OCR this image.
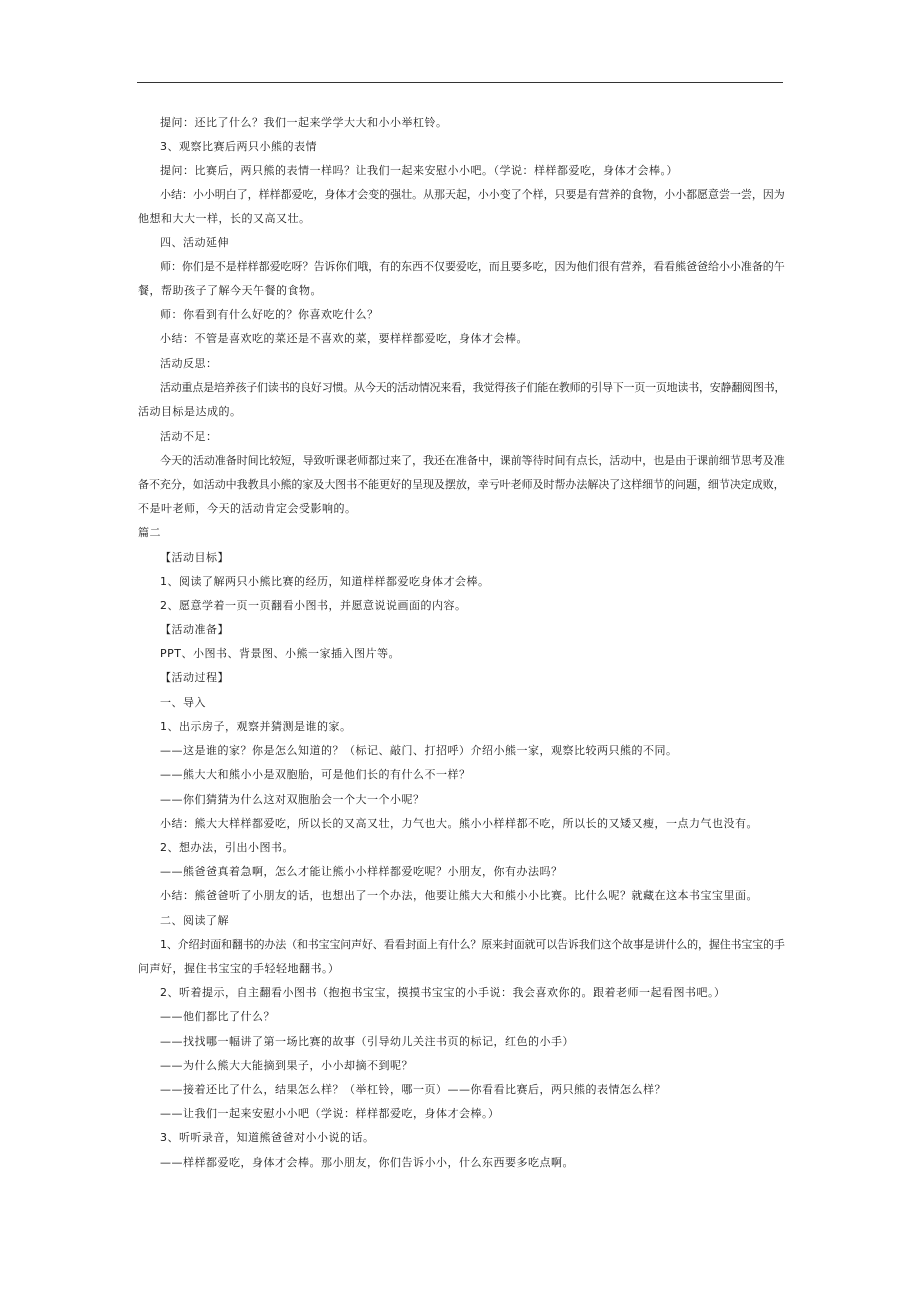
提问：还比了什么？我们一起来学学大大和小小举杠铃。
3、观察比赛后两只小熊的表情
提问：比赛后，两只熊的表情一样吗？让我们一起来安慰小小吧。（学说：样样都爱吃，身体才会棒。）
小结：小小明白了，样样都爱吃，身体才会变的强壮。从那天起，小小变了个样，只要是有营养的食物，小小都愿意尝一尝，因为
他想和大大一样，长的又高又壮。
四、活动延伸
师：你们是不是样样都爱吃呀？告诉你们哦，有的东西不仅要爱吃，而且要多吃，因为他们很有营养，看看熊爸爸给小小准备的午
餐，帮助孩子了解今天午餐的食物。
师：你看到有什么好吃的？你喜欢吃什么？
小结：不管是喜欢吃的菜还是不喜欢的菜，要样样都爱吃，身体才会棒。
活动反思：
活动重点是培养孩子们读书的良好习惯。从今天的活动情况来看，我觉得孩子们能在教师的引导下一页一页地读书，安静翻阅图书，
活动目标是达成的。
活动不足：
今天的活动准备时间比较短，导致听课老师都过来了，我还在准备中，课前等待时间有点长，活动中，也是由于课前细节思考及准
备不充分，如活动中我教具小熊的家及大图书不能更好的呈现及摆放，幸亏叶老师及时帮办法解决了这样细节的问题，细节决定成败，
不是叶老师，今天的活动肯定会受影响的。
篇二
【活动目标】
1、阅读了解两只小熊比赛的经历，知道样样都爱吃身体才会棒。
2、愿意学着一页一页翻看小图书，并愿意说说画面的内容。
【活动准备】
PPT、小图书、背景图、小熊一家插入图片等。
【活动过程】
一、导入
1、出示房子，观察并猜测是谁的家。
——这是谁的家？你是怎么知道的？（标记、敲门、打招呼）介绍小熊一家，观察比较两只熊的不同。
——熊大大和熊小小是双胞胎，可是他们长的有什么不一样？
——你们猜猜为什么这对双胞胎会一个大一个小呢？
小结：熊大大样样都爱吃，所以长的又高又壮，力气也大。熊小小样样都不吃，所以长的又矮又瘦，一点力气也没有。
2、想办法，引出小图书。
——熊爸爸真着急啊，怎么才能让熊小小样样都爱吃呢？小朋友，你有办法吗？
小结：熊爸爸听了小朋友的话，也想出了一个办法，他要让熊大大和熊小小比赛。比什么呢？就藏在这本书宝宝里面。
二、阅读了解
1、介绍封面和翻书的办法（和书宝宝问声好、看看封面上有什么？原来封面就可以告诉我们这个故事是讲什么的，握住书宝宝的手
问声好，握住书宝宝的手轻轻地翻书。）
2、听着提示，自主翻看小图书（抱抱书宝宝，摸摸书宝宝的小手说：我会喜欢你的。跟着老师一起看图书吧。）
——他们都比了什么？
——找找哪一幅讲了第一场比赛的故事（引导幼儿关注书页的标记，红色的小手）
——为什么熊大大能摘到果子，小小却摘不到呢？
——接着还比了什么，结果怎么样？（举杠铃，哪一页）——你看看比赛后，两只熊的表情怎么样？
——让我们一起来安慰小小吧（学说：样样都爱吃，身体才会棒。）
3、听听录音，知道熊爸爸对小小说的话。
——样样都爱吃，身体才会棒。那小朋友，你们告诉小小，什么东西要多吃点啊。
